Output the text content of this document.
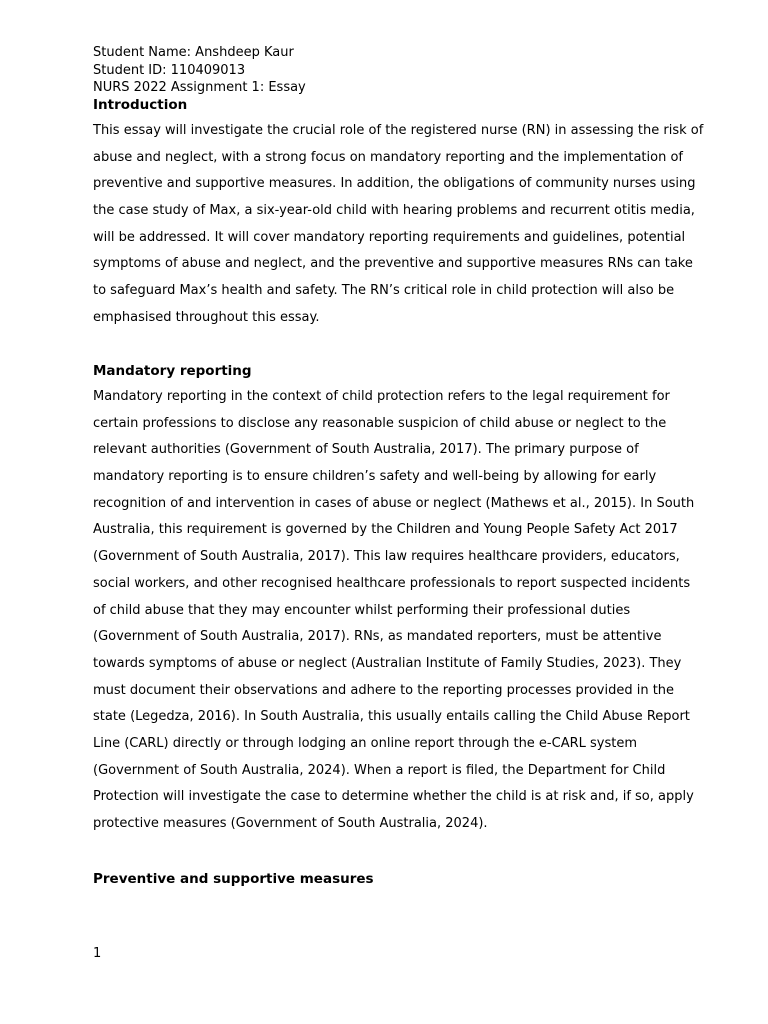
Student Name: Anshdeep Kaur
Student ID: 110409013
NURS 2022 Assignment 1: Essay
Introduction
This essay will investigate the crucial role of the registered nurse (RN) in assessing the risk of
abuse and neglect, with a strong focus on mandatory reporting and the implementation of
preventive and supportive measures. In addition, the obligations of community nurses using
the case study of Max, a six-year-old child with hearing problems and recurrent otitis media,
will be addressed. It will cover mandatory reporting requirements and guidelines, potential
symptoms of abuse and neglect, and the preventive and supportive measures RNs can take
to safeguard Max’s health and safety. The RN’s critical role in child protection will also be
emphasised throughout this essay.
Mandatory reporting
Mandatory reporting in the context of child protection refers to the legal requirement for
certain professions to disclose any reasonable suspicion of child abuse or neglect to the
relevant authorities (Government of South Australia, 2017). The primary purpose of
mandatory reporting is to ensure children’s safety and well-being by allowing for early
recognition of and intervention in cases of abuse or neglect (Mathews et al., 2015). In South
Australia, this requirement is governed by the Children and Young People Safety Act 2017
(Government of South Australia, 2017). This law requires healthcare providers, educators,
social workers, and other recognised healthcare professionals to report suspected incidents
of child abuse that they may encounter whilst performing their professional duties
(Government of South Australia, 2017). RNs, as mandated reporters, must be attentive
towards symptoms of abuse or neglect (Australian Institute of Family Studies, 2023). They
must document their observations and adhere to the reporting processes provided in the
state (Legedza, 2016). In South Australia, this usually entails calling the Child Abuse Report
Line (CARL) directly or through lodging an online report through the e-CARL system
(Government of South Australia, 2024). When a report is filed, the Department for Child
Protection will investigate the case to determine whether the child is at risk and, if so, apply
protective measures (Government of South Australia, 2024).
Preventive and supportive measures
1
